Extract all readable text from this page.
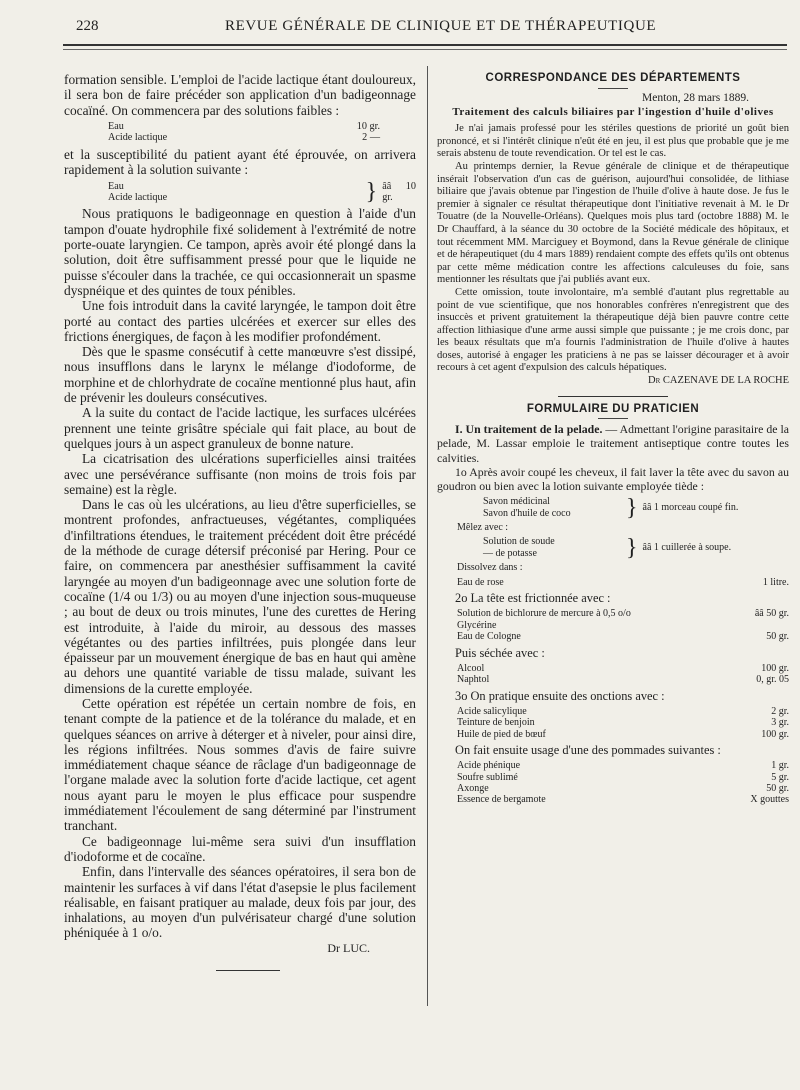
228	REVUE GÉNÉRALE DE CLINIQUE ET DE THÉRAPEUTIQUE

formation sensible. L'emploi de l'acide lactique étant douloureux, il sera bon de faire précéder son application d'un badigeonnage cocaïné. On commencera par des solutions faibles :

Eau	10 gr.
Acide lactique	2 —

et la susceptibilité du patient ayant été éprouvée, on arrivera rapidement à la solution suivante :

Eau
Acide lactique	} ââ 10 gr.

Nous pratiquons le badigeonnage en question à l'aide d'un tampon d'ouate hydrophile fixé solidement à l'extrémité de notre porte-ouate laryngien. Ce tampon, après avoir été plongé dans la solution, doit être suffisamment pressé pour que le liquide ne puisse s'écouler dans la trachée, ce qui occasionnerait un spasme dyspnéique et des quintes de toux pénibles.

Une fois introduit dans la cavité laryngée, le tampon doit être porté au contact des parties ulcérées et exercer sur elles des frictions énergiques, de façon à les modifier profondément.

Dès que le spasme consécutif à cette manœuvre s'est dissipé, nous insufflons dans le larynx le mélange d'iodoforme, de morphine et de chlorhydrate de cocaïne mentionné plus haut, afin de prévenir les douleurs consécutives.

A la suite du contact de l'acide lactique, les surfaces ulcérées prennent une teinte grisâtre spéciale qui fait place, au bout de quelques jours à un aspect granuleux de bonne nature.

La cicatrisation des ulcérations superficielles ainsi traitées avec une persévérance suffisante (non moins de trois fois par semaine) est la règle.

Dans le cas où les ulcérations, au lieu d'être superficielles, se montrent profondes, anfractueuses, végétantes, compliquées d'infiltrations étendues, le traitement précédent doit être précédé de la méthode de curage détersif préconisé par Hering. Pour ce faire, on commencera par anesthésier suffisamment la cavité laryngée au moyen d'un badigeonnage avec une solution forte de cocaïne (1/4 ou 1/3) ou au moyen d'une injection sous-muqueuse ; au bout de deux ou trois minutes, l'une des curettes de Hering est introduite, à l'aide du miroir, au dessous des masses végétantes ou des parties infiltrées, puis plongée dans leur épaisseur par un mouvement énergique de bas en haut qui amène au dehors une quantité variable de tissu malade, suivant les dimensions de la curette employée.

Cette opération est répétée un certain nombre de fois, en tenant compte de la patience et de la tolérance du malade, et en quelques séances on arrive à déterger et à niveler, pour ainsi dire, les régions infiltrées. Nous sommes d'avis de faire suivre immédiatement chaque séance de râclage d'un badigeonnage de l'organe malade avec la solution forte d'acide lactique, cet agent nous ayant paru le moyen le plus efficace pour suspendre immédiatement l'écoulement de sang déterminé par l'instrument tranchant.

Ce badigeonnage lui-même sera suivi d'un insufflation d'iodoforme et de cocaïne.

Enfin, dans l'intervalle des séances opératoires, il sera bon de maintenir les surfaces à vif dans l'état d'asepsie le plus facilement réalisable, en faisant pratiquer au malade, deux fois par jour, des inhalations, au moyen d'un pulvérisateur chargé d'une solution phéniquée à 1 o/o.

Dr LUC.
CORRESPONDANCE DES DÉPARTEMENTS
Menton, 28 mars 1889.
Traitement des calculs biliaires par l'ingestion d'huile d'olives

Je n'ai jamais professé pour les stériles questions de priorité un goût bien prononcé, et si l'intérêt clinique n'eût été en jeu, il est plus que probable que je me serais abstenu de toute revendication. Or tel est le cas.

Au printemps dernier, la Revue générale de clinique et de thérapeutique insérait l'observation d'un cas de guérison, aujourd'hui consolidée, de lithiase biliaire que j'avais obtenue par l'ingestion de l'huile d'olive à haute dose. Je fus le premier à signaler ce résultat thérapeutique dont l'initiative revenait à M. le Dr Touatre (de la Nouvelle-Orléans). Quelques mois plus tard (octobre 1888) M. le Dr Chauffard, à la séance du 30 octobre de la Société médicale des hôpitaux, et tout récemment MM. Marciguey et Boymond, dans la Revue générale de clinique et de hérapeutiquet (du 4 mars 1889) rendaient compte des effets qu'ils ont obtenus par cette même médication contre les affections calculeuses du foie, sans mentionner les résultats que j'ai publiés avant eux.

Cette omission, toute involontaire, m'a semblé d'autant plus regrettable au point de vue scientifique, que nos honorables confrères n'enregistrent que des insuccès et privent gratuitement la thérapeutique déjà bien pauvre contre cette affection lithiasique d'une arme aussi simple que puissante ; je me crois donc, par les beaux résultats que m'a fournis l'administration de l'huile d'olive à hautes doses, autorisé à engager les praticiens à ne pas se laisser décourager et à avoir recours à cet agent d'expulsion des calculs hépatiques.

Dr CAZENAVE DE LA ROCHE
FORMULAIRE DU PRATICIEN

I. Un traitement de la pelade. — Admettant l'origine parasitaire de la pelade, M. Lassar emploie le traitement antiseptique contre toutes les calvities.

1o Après avoir coupé les cheveux, il fait laver la tête avec du savon au goudron ou bien avec la lotion suivante employée tiède :

Savon médicinal
Savon d'huile de coco	} ââ 1 morceau coupé fin.
Mêlez avec :
Solution de soude
— de potasse	} ââ 1 cuillerée à soupe.
Dissolvez dans :
Eau de rose	1 litre.
2o La tête est frictionnée avec :
Solution de bichlorure de mercure à 0,5 o/o	ââ 50 gr.
Glycérine
Eau de Cologne	50 gr.
Puis séchée avec :
Alcool	100 gr.
Naphtol	0, gr. 05
3o On pratique ensuite des onctions avec :
Acide salicylique	2 gr.
Teinture de benjoin	3 gr.
Huile de pied de bœuf	100 gr.
On fait ensuite usage d'une des pommades suivantes :
Acide phénique	1 gr.
Soufre sublimé	5 gr.
Axonge	50 gr.
Essence de bergamote	X gouttes
